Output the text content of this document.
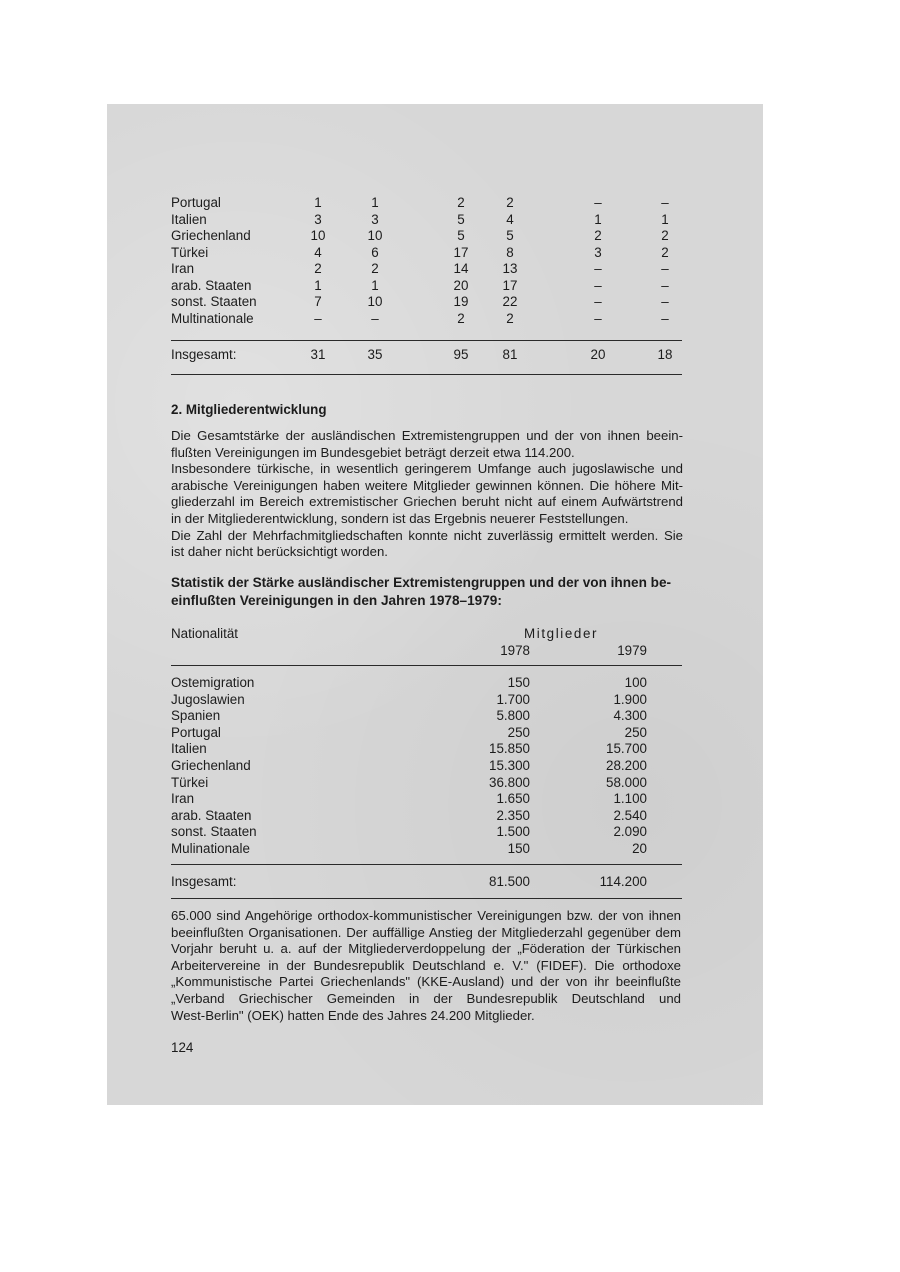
Portugal	1	1	2	2	–	–
Italien	3	3	5	4	1	1
Griechenland	10	10	5	5	2	2
Türkei	4	6	17	8	3	2
Iran	2	2	14	13	–	–
arab. Staaten	1	1	20	17	–	–
sonst. Staaten	7	10	19	22	–	–
Multinationale	–	–	2	2	–	–
Insgesamt:	31	35	95	81	20	18
2. Mitgliederentwicklung
Die Gesamtstärke der ausländischen Extremistengruppen und der von ihnen beein-
flußten Vereinigungen im Bundesgebiet beträgt derzeit etwa 114.200.
Insbesondere türkische, in wesentlich geringerem Umfange auch jugoslawische und
arabische Vereinigungen haben weitere Mitglieder gewinnen können. Die höhere Mit-
gliederzahl im Bereich extremistischer Griechen beruht nicht auf einem Aufwärtstrend
in der Mitgliederentwicklung, sondern ist das Ergebnis neuerer Feststellungen.
Die Zahl der Mehrfachmitgliedschaften konnte nicht zuverlässig ermittelt werden. Sie
ist daher nicht berücksichtigt worden.
Statistik der Stärke ausländischer Extremistengruppen und der von ihnen be-
einflußten Vereinigungen in den Jahren 1978–1979:
Nationalität	Mitglieder
1978	1979
Ostemigration	150	100
Jugoslawien	1.700	1.900
Spanien	5.800	4.300
Portugal	250	250
Italien	15.850	15.700
Griechenland	15.300	28.200
Türkei	36.800	58.000
Iran	1.650	1.100
arab. Staaten	2.350	2.540
sonst. Staaten	1.500	2.090
Mulinationale	150	20
Insgesamt:	81.500	114.200
65.000 sind Angehörige orthodox-kommunistischer Vereinigungen bzw. der von ihnen
beeinflußten Organisationen. Der auffällige Anstieg der Mitgliederzahl gegenüber dem
Vorjahr beruht u. a. auf der Mitgliederverdoppelung der „Föderation der Türkischen
Arbeitervereine in der Bundesrepublik Deutschland e. V." (FIDEF). Die orthodoxe
„Kommunistische Partei Griechenlands" (KKE-Ausland) und der von ihr beeinflußte
„Verband Griechischer Gemeinden in der Bundesrepublik Deutschland und
West-Berlin" (OEK) hatten Ende des Jahres 24.200 Mitglieder.
124
